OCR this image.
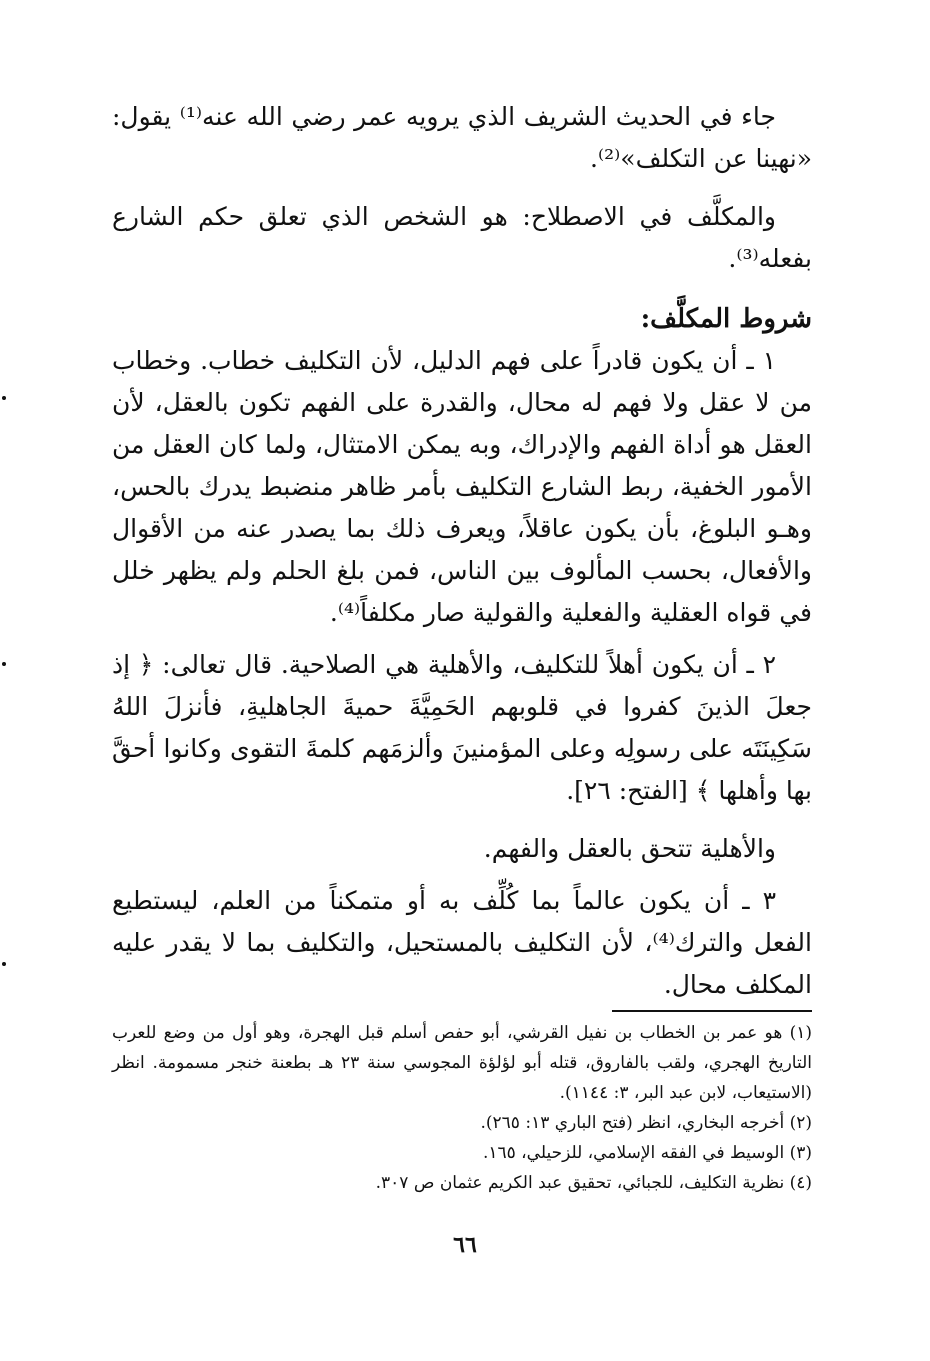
جاء في الحديث الشريف الذي يرويه عمر رضي الله عنه⁽¹⁾ يقول: «نهينا عن التكلف»⁽²⁾.

والمكلَّف في الاصطلاح: هو الشخص الذي تعلق حكم الشارع بفعله⁽³⁾.

شروط المكلَّف:

١ ـ أن يكون قادراً على فهم الدليل، لأن التكليف خطاب. وخطاب من لا عقل ولا فهم له محال، والقدرة على الفهم تكون بالعقل، لأن العقل هو أداة الفهم والإدراك، وبه يمكن الامتثال، ولما كان العقل من الأمور الخفية، ربط الشارع التكليف بأمر ظاهر منضبط يدرك بالحس، وهـو البلوغ، بأن يكون عاقلاً، ويعرف ذلك بما يصدر عنه من الأقوال والأفعال، بحسب المألوف بين الناس، فمن بلغ الحلم ولم يظهر خلل في قواه العقلية والفعلية والقولية صار مكلفاً⁽⁴⁾.

٢ ـ أن يكون أهلاً للتكليف، والأهلية هي الصلاحية. قال تعالى: ﴿ إذ جعلَ الذينَ كفروا في قلوبهم الحَمِيَّةَ حميةَ الجاهليةِ، فأنزلَ اللهُ سَكِينَتَه على رسولِه وعلى المؤمنينَ وألزمَهم كلمةَ التقوى وكانوا أحقَّ بها وأهلها ﴾ [الفتح: ٢٦].

والأهلية تتحق بالعقل والفهم.

٣ ـ أن يكون عالماً بما كُلِّف به أو متمكناً من العلم، ليستطيع الفعل والترك⁽⁴⁾، لأن التكليف بالمستحيل، والتكليف بما لا يقدر عليه المكلف محال.

(١) هو عمر بن الخطاب بن نفيل القرشي، أبو حفص أسلم قبل الهجرة، وهو أول من وضع للعرب التاريخ الهجري، ولقب بالفاروق، قتله أبو لؤلؤة المجوسي سنة ٢٣ هـ بطعنة خنجر مسمومة. انظر (الاستيعاب، لابن عبد البر، ٣: ١١٤٤).

(٢) أخرجه البخاري، انظر (فتح الباري ١٣: ٢٦٥).

(٣) الوسيط في الفقه الإسلامي، للزحيلي، ١٦٥.

(٤) نظرية التكليف، للجبائي، تحقيق عبد الكريم عثمان ص ٣٠٧.

٦٦
